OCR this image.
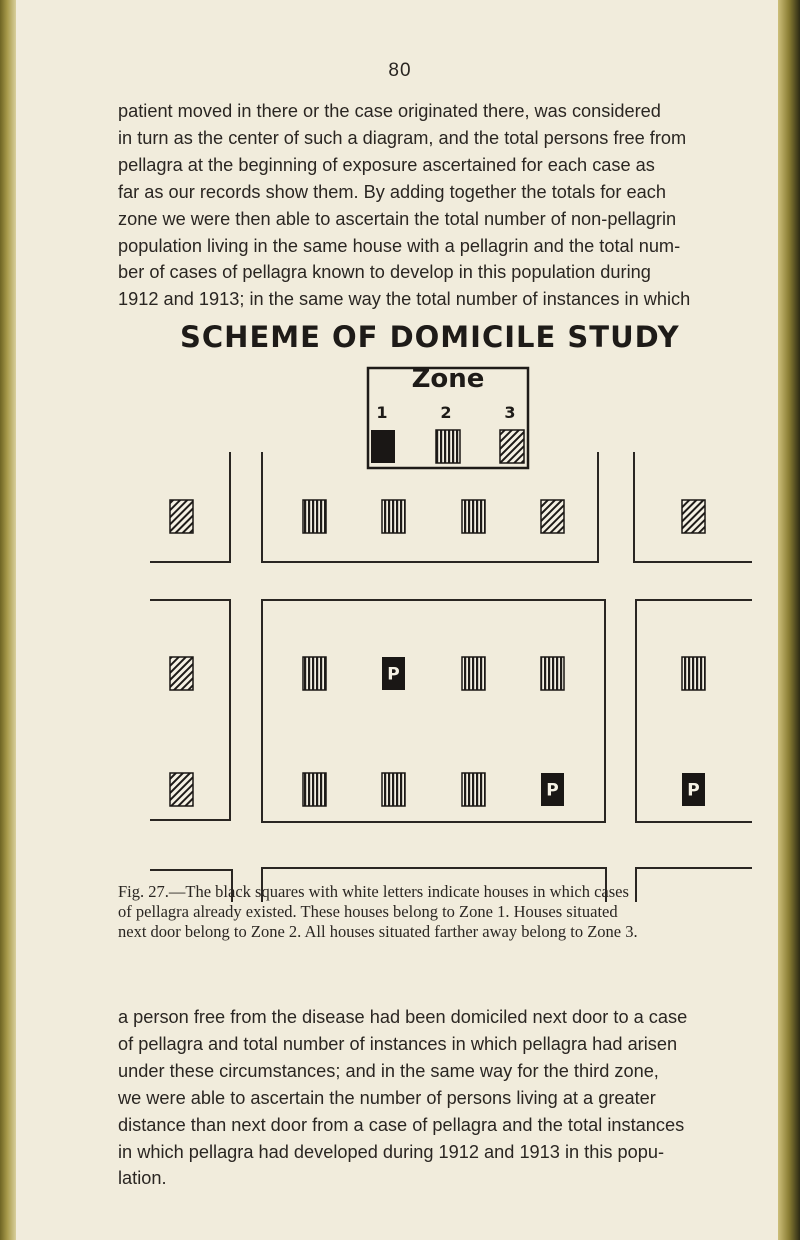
80
patient moved in there or the case originated there, was considered
in turn as the center of such a diagram, and the total persons free from
pellagra at the beginning of exposure ascertained for each case as
far as our records show them. By adding together the totals for each
zone we were then able to ascertain the total number of non-pellagrin
population living in the same house with a pellagrin and the total num-
ber of cases of pellagra known to develop in this population during
1912 and 1913; in the same way the total number of instances in which
SCHEME OF DOMICILE STUDY
Zone
1	2	3
P
P	P
Fig. 27.—The black squares with white letters indicate houses in which cases
of pellagra already existed. These houses belong to Zone 1. Houses situated
next door belong to Zone 2. All houses situated farther away belong to Zone 3.
a person free from the disease had been domiciled next door to a case
of pellagra and total number of instances in which pellagra had arisen
under these circumstances; and in the same way for the third zone,
we were able to ascertain the number of persons living at a greater
distance than next door from a case of pellagra and the total instances
in which pellagra had developed during 1912 and 1913 in this popu-
lation.
